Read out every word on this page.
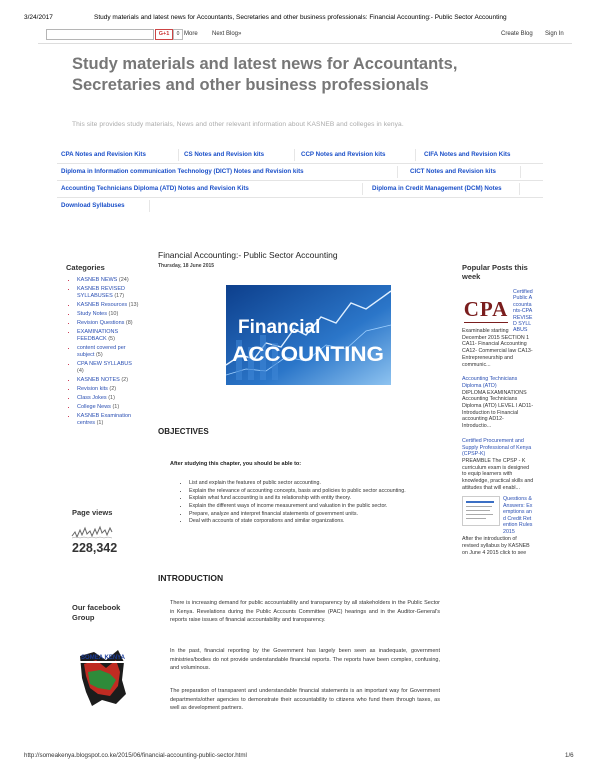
3/24/2017	Study materials and latest news for Accountants, Secretaries and other business professionals: Financial Accounting:- Public Sector Accounting
G+1	0 More Next Blog»	Create Blog Sign In
Study materials and latest news for Accountants, Secretaries and other business professionals
This site provides study materials, News and other relevant information about KASNEB and colleges in kenya.
CPA Notes and Revision Kits	CS Notes and Revision kits	CCP Notes and Revision kits	CIFA Notes and Revision Kits
Diploma in Information communication Technology (DICT) Notes and Revision kits	CICT Notes and Revision kits
Accounting Technicians Diploma (ATD) Notes and Revision Kits	Diploma in Credit Management (DCM) Notes
Download Syllabuses
Categories
• KASNEB NEWS (24)
• KASNEB REVISED SYLLABUSES (17)
• KASNEB Resources (13)
• Study Notes (10)
• Revision Questions (8)
• EXAMINATIONS FEEDBACK (5)
• content covered per subject (5)
• CPA NEW SYLLABUS (4)
• KASNEB NOTES (2)
• Revision kits (2)
• Class Jokes (1)
• College News (1)
• KASNEB Examination centres (1)
Page views
228,342
Our facebook Group
SOMEA KENYA
Thursday, 18 June 2015
Financial Accounting:- Public Sector Accounting
Financial
ACCOUNTING
OBJECTIVES
After studying this chapter, you should be able to:
• List and explain the features of public sector accounting.
• Explain the relevance of accounting concepts, basis and policies to public sector accounting.
• Explain what fund accounting is and its relationship with entity theory.
• Explain the different ways of income measurement and valuation in the public sector.
• Prepare, analyze and interpret financial statements of government units.
• Deal with accounts of state corporations and similar organizations.
INTRODUCTION
There is increasing demand for public accountability and transparency by all stakeholders in the Public Sector in Kenya. Revelations during the Public Accounts Committee (PAC) hearings and in the Auditor-General's reports raise issues of financial accountability and transparency.
In the past, financial reporting by the Government has largely been seen as inadequate, government ministries/bodies do not provide understandable financial reports. The reports have been complex, confusing, and voluminous.
The preparation of transparent and understandable financial statements is an important way for Government departments/other agencies to demonstrate their accountability to citizens who fund them through taxes, as well as development partners.
Popular Posts this week
CPA
Certified Public Accountants-CPA REVISED SYLLABUS
Examinable starting December 2015 SECTION 1 CA11- Financial Accounting CA12- Commercial law CA13- Entrepreneurship and communic...
Accounting Technicians Diploma (ATD)
DIPLOMA EXAMINATIONS Accounting Technicians Diploma (ATD) LEVEL I AD11- Introduction to Financial accounting AD12- Introductio...
Certified Procurement and Supply Professional of Kenya (CPSP-K)
PREAMBLE The CPSP - K curriculum exam is designed to equip learners with knowledge, practical skills and attitudes that will enabl...
Questions & Answers: Exemptions and Credit Retention Rules 2015
After the introduction of revised syllabus by KASNEB on June 4 2015 click to see
http://someakenya.blogspot.co.ke/2015/06/financial-accounting-public-sector.html	1/6
